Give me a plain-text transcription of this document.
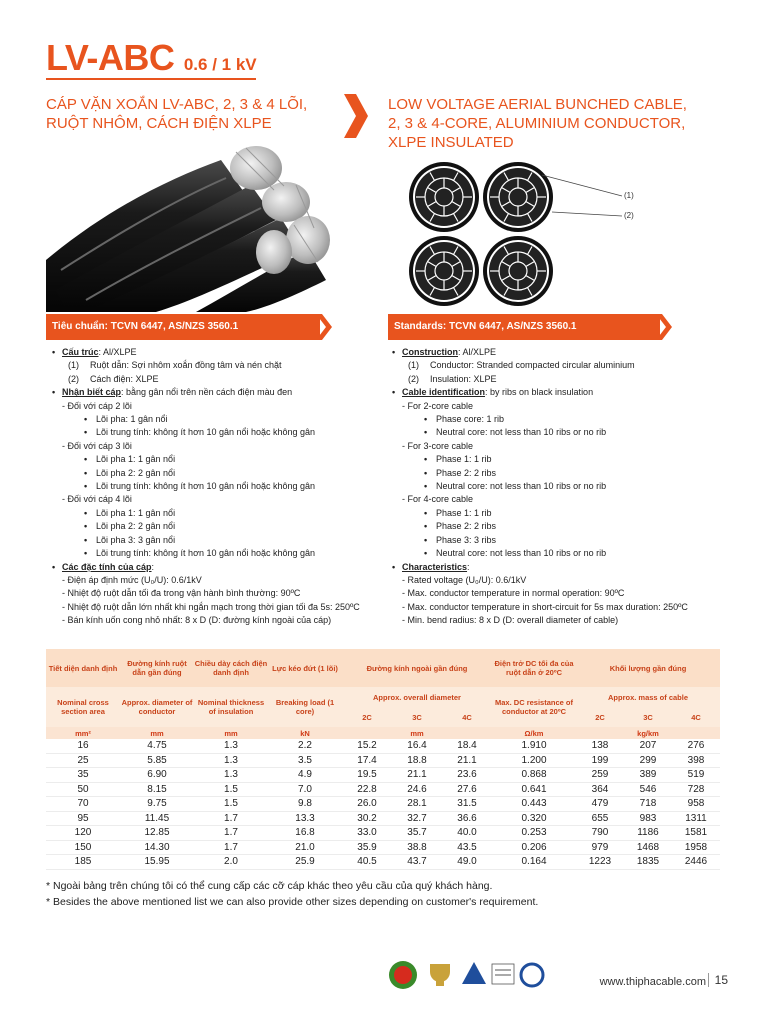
LV-ABC 0.6 / 1 kV
CÁP VẶN XOẮN LV-ABC, 2, 3 & 4 LÕI,
RUỘT NHÔM, CÁCH ĐIỆN XLPE
LOW VOLTAGE AERIAL BUNCHED CABLE,
2, 3 & 4-CORE, ALUMINIUM CONDUCTOR,
XLPE INSULATED
(1)
(2)
Tiêu chuẩn: TCVN 6447, AS/NZS 3560.1	Standards: TCVN 6447, AS/NZS 3560.1
• Cấu trúc: Al/XLPE
(1) Ruột dẫn: Sợi nhôm xoắn đồng tâm và nén chặt
(2) Cách điện: XLPE
• Nhận biết cáp: bằng gân nổi trên nền cách điện màu đen
- Đối với cáp 2 lõi
• Lõi pha: 1 gân nổi
• Lõi trung tính: không ít hơn 10 gân nổi hoặc không gân
- Đối với cáp 3 lõi
• Lõi pha 1: 1 gân nổi
• Lõi pha 2: 2 gân nổi
• Lõi trung tính: không ít hơn 10 gân nổi hoặc không gân
- Đối với cáp 4 lõi
• Lõi pha 1: 1 gân nổi
• Lõi pha 2: 2 gân nổi
• Lõi pha 3: 3 gân nổi
• Lõi trung tính: không ít hơn 10 gân nổi hoặc không gân
• Các đặc tính của cáp:
- Điện áp định mức (U₀/U): 0.6/1kV
- Nhiệt độ ruột dẫn tối đa trong vận hành bình thường: 90ºC
- Nhiệt độ ruột dẫn lớn nhất khi ngắn mạch trong thời gian tối đa 5s: 250ºC
- Bán kính uốn cong nhỏ nhất: 8 x D (D: đường kính ngoài của cáp)
• Construction: Al/XLPE
(1) Conductor: Stranded compacted circular aluminium
(2) Insulation: XLPE
• Cable identification: by ribs on black insulation
- For 2-core cable
• Phase core: 1 rib
• Neutral core: not less than 10 ribs or no rib
- For 3-core cable
• Phase 1: 1 rib
• Phase 2: 2 ribs
• Neutral core: not less than 10 ribs or no rib
- For 4-core cable
• Phase 1: 1 rib
• Phase 2: 2 ribs
• Phase 3: 3 ribs
• Neutral core: not less than 10 ribs or no rib
• Characteristics:
- Rated voltage (U₀/U): 0.6/1kV
- Max. conductor temperature in normal operation: 90ºC
- Max. conductor temperature in short-circuit for 5s max duration: 250ºC
- Min. bend radius: 8 x D (D: overall diameter of cable)
Tiết diện danh định	Đường kính ruột dẫn gần đúng	Chiều dày cách điện danh định	Lực kéo đứt (1 lõi)	Đường kính ngoài gần đúng			Điện trở DC tối đa của ruột dẫn ở 20ºC	Khối lượng gần đúng		
Nominal cross section area	Approx. diameter of conductor	Nominal thickness of insulation	Breaking load (1 core)	Approx. overall diameter			Max. DC resistance of conductor at 20ºC	Approx. mass of cable		
				2C	3C	4C		2C	3C	4C
mm²	mm	mm	kN	mm			Ω/km	kg/km		
16	4.75	1.3	2.2	15.2	16.4	18.4	1.910	138	207	276
25	5.85	1.3	3.5	17.4	18.8	21.1	1.200	199	299	398
35	6.90	1.3	4.9	19.5	21.1	23.6	0.868	259	389	519
50	8.15	1.5	7.0	22.8	24.6	27.6	0.641	364	546	728
70	9.75	1.5	9.8	26.0	28.1	31.5	0.443	479	718	958
95	11.45	1.7	13.3	30.2	32.7	36.6	0.320	655	983	1311
120	12.85	1.7	16.8	33.0	35.7	40.0	0.253	790	1186	1581
150	14.30	1.7	21.0	35.9	38.8	43.5	0.206	979	1468	1958
185	15.95	2.0	25.9	40.5	43.7	49.0	0.164	1223	1835	2446
* Ngoài bảng trên chúng tôi có thể cung cấp các cỡ cáp khác theo yêu cầu của quý khách hàng.
* Besides the above mentioned list we can also provide other sizes depending on customer's requirement.
www.thiphacable.com 15
